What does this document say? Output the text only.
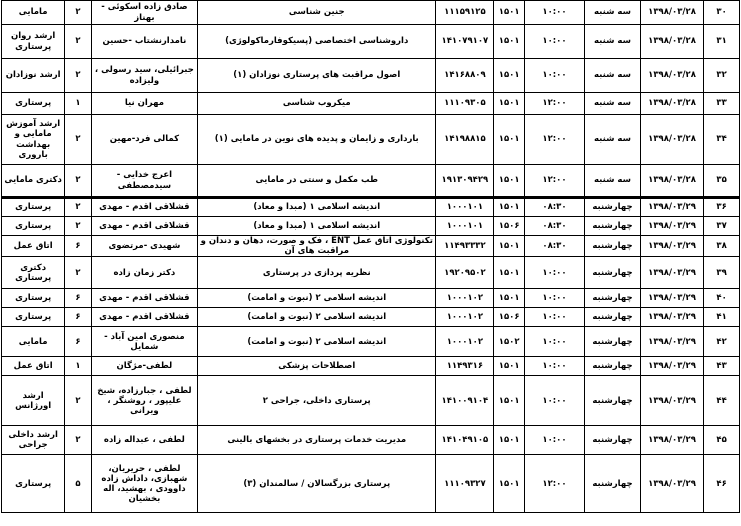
۳۰	۱۳۹۸/۰۳/۲۸	سه شنبه	۱۰:۰۰	۱۵۰۱	۱۱۱۵۹۱۲۵	جنین شناسی	صادق زاده اسکوئی - بهناز	۲	مامایی
۳۱	۱۳۹۸/۰۳/۲۸	سه شنبه	۱۰:۰۰	۱۵۰۱	۱۴۱۰۷۹۱۰۷	داروشناسی اختصاصی (پسیکوفارماکولوژی)	نامدارنشتاب -حسین	۲	ارشد روان پرستاری
۳۲	۱۳۹۸/۰۳/۲۸	سه شنبه	۱۰:۰۰	۱۵۰۱	۱۴۱۶۸۸۰۹	اصول مراقبت های پرستاری نوزادان (۱)	جبرائیلی، سید رسولی ، ولیزاده	۲	ارشد نوزادان
۳۳	۱۳۹۸/۰۳/۲۸	سه شنبه	۱۲:۰۰	۱۵۰۱	۱۱۱۰۹۳۰۵	میکروب شناسی	مهران نیا	۱	پرستاری
۳۴	۱۳۹۸/۰۳/۲۸	سه شنبه	۱۲:۰۰	۱۵۰۱	۱۴۱۹۸۸۱۵	بارداری و زایمان و پدیده های نوین در مامایی (۱)	کمالی فرد-مهین	۲	ارشد آموزش مامایی و بهداشت باروری
۳۵	۱۳۹۸/۰۳/۲۸	سه شنبه	۱۲:۰۰	۱۵۰۱	۱۹۱۳۰۹۴۲۹	طب مکمل و سنتی در مامایی	اعرج خدایی - سیدمصطفی	۲	دکتری مامایی
۳۶	۱۳۹۸/۰۳/۲۹	چهارشنبه	۰۸:۳۰	۱۵۰۱	۱۰۰۰۱۰۱	اندیشه اسلامی ۱ (مبدا و معاد)	قشلاقی اقدم - مهدی	۲	پرستاری
۳۷	۱۳۹۸/۰۳/۲۹	چهارشنبه	۰۸:۳۰	۱۵۰۶	۱۰۰۰۱۰۱	اندیشه اسلامی ۱ (مبدا و معاد)	قشلاقی اقدم - مهدی	۲	پرستاری
۳۸	۱۳۹۸/۰۳/۲۹	چهارشنبه	۰۸:۳۰	۱۵۰۱	۱۱۴۹۳۳۳۲	تکنولوژی اتاق عمل ENT ، فک و صورت، دهان و دندان و مراقبت های آن	شهیدی -مرتضوی	۶	اتاق عمل
۳۹	۱۳۹۸/۰۳/۲۹	چهارشنبه	۱۰:۰۰	۱۵۰۱	۱۹۲۰۹۵۰۲	نظریه پردازی در پرستاری	دکتر زمان زاده	۲	دکتری پرستاری
۴۰	۱۳۹۸/۰۳/۲۹	چهارشنبه	۱۰:۰۰	۱۵۰۱	۱۰۰۰۱۰۲	اندیشه اسلامی ۲ (نبوت و امامت)	قشلاقی اقدم - مهدی	۶	پرستاری
۴۱	۱۳۹۸/۰۳/۲۹	چهارشنبه	۱۰:۰۰	۱۵۰۶	۱۰۰۰۱۰۲	اندیشه اسلامی ۲ (نبوت و امامت)	قشلاقی اقدم - مهدی	۶	پرستاری
۴۲	۱۳۹۸/۰۳/۲۹	چهارشنبه	۱۰:۰۰	۱۵۰۲	۱۰۰۰۱۰۲	اندیشه اسلامی ۲ (نبوت و امامت)	منصوری امین آباد - شمایل	۶	مامایی
۴۳	۱۳۹۸/۰۳/۲۹	چهارشنبه	۱۰:۰۰	۱۵۰۱	۱۱۴۹۳۱۶	اصطلاحات پزشکی	لطفی-مژگان	۱	اتاق عمل
۴۴	۱۳۹۸/۰۳/۲۹	چهارشنبه	۱۰:۰۰	۱۵۰۱	۱۴۱۰۰۹۱۰۴	پرستاری داخلی، جراحی ۲	لطفی ، جبارزاده، شیخ علیپور ، روشنگر ، ویرانی	۲	ارشد اورژانس
۴۵	۱۳۹۸/۰۳/۲۹	چهارشنبه	۱۰:۰۰	۱۵۰۱	۱۴۱۰۴۹۱۰۵	مدیریت خدمات پرستاری در بخشهای بالینی	لطفی ، عبداله زاده	۲	ارشد داخلی جراحی
۴۶	۱۳۹۸/۰۳/۲۹	چهارشنبه	۱۲:۰۰	۱۵۰۱	۱۱۱۰۹۳۲۷	پرستاری بزرگسالان / سالمندان (۳)	لطفی ، حریریان، شهبازی، داداش زاده داوودی ، بهشید، اله بخشیان	۵	پرستاری
